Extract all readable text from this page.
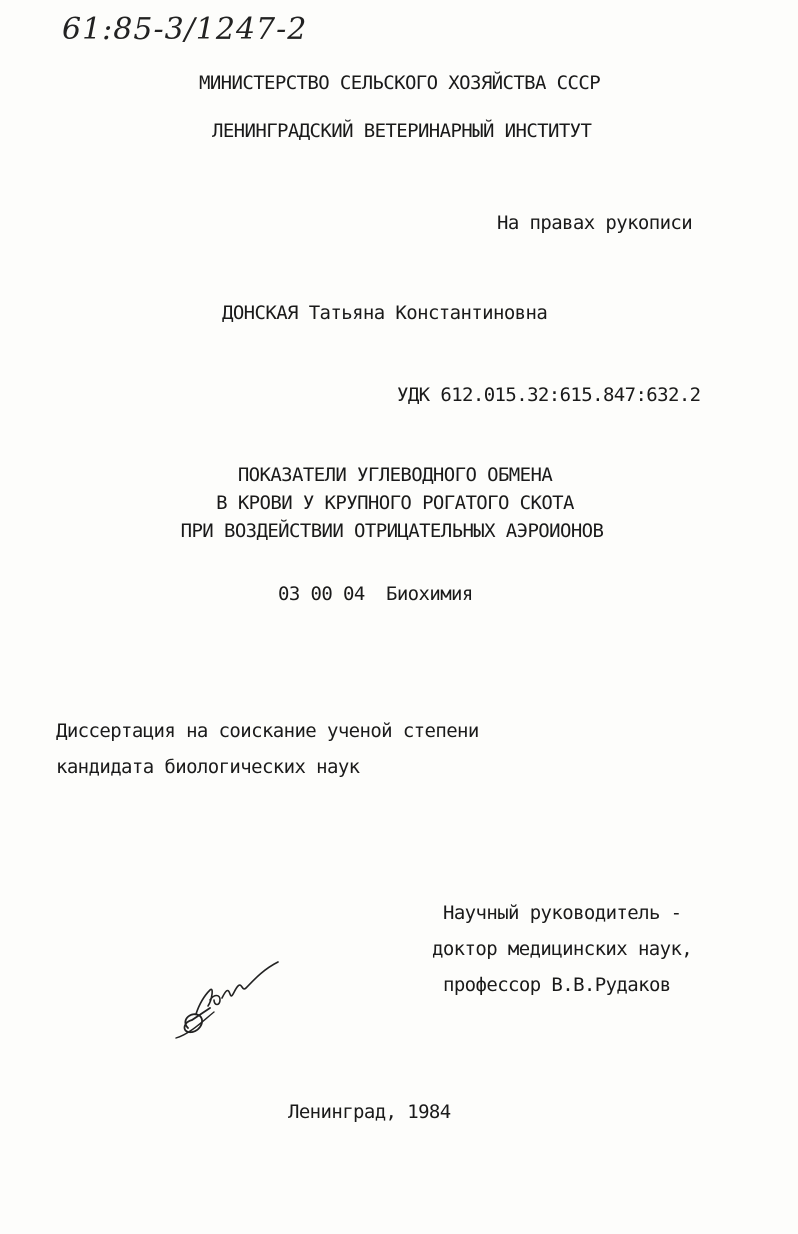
61:85-3/1247-2
МИНИСТЕРСТВО СЕЛЬСКОГО ХОЗЯЙСТВА СССР
ЛЕНИНГРАДСКИЙ ВЕТЕРИНАРНЫЙ ИНСТИТУТ
На правах рукописи
ДОНСКАЯ Татьяна Константиновна
УДК 612.015.32:615.847:632.2
ПОКАЗАТЕЛИ УГЛЕВОДНОГО ОБМЕНА
В КРОВИ У КРУПНОГО РОГАТОГО СКОТА
ПРИ ВОЗДЕЙСТВИИ ОТРИЦАТЕЛЬНЫХ АЭРОИОНОВ
03 00 04 Биохимия
Диссертация на соискание ученой степени
кандидата биологических наук
Научный руководитель -
доктор медицинских наук,
профессор В.В.Рудаков
Ленинград, 1984
